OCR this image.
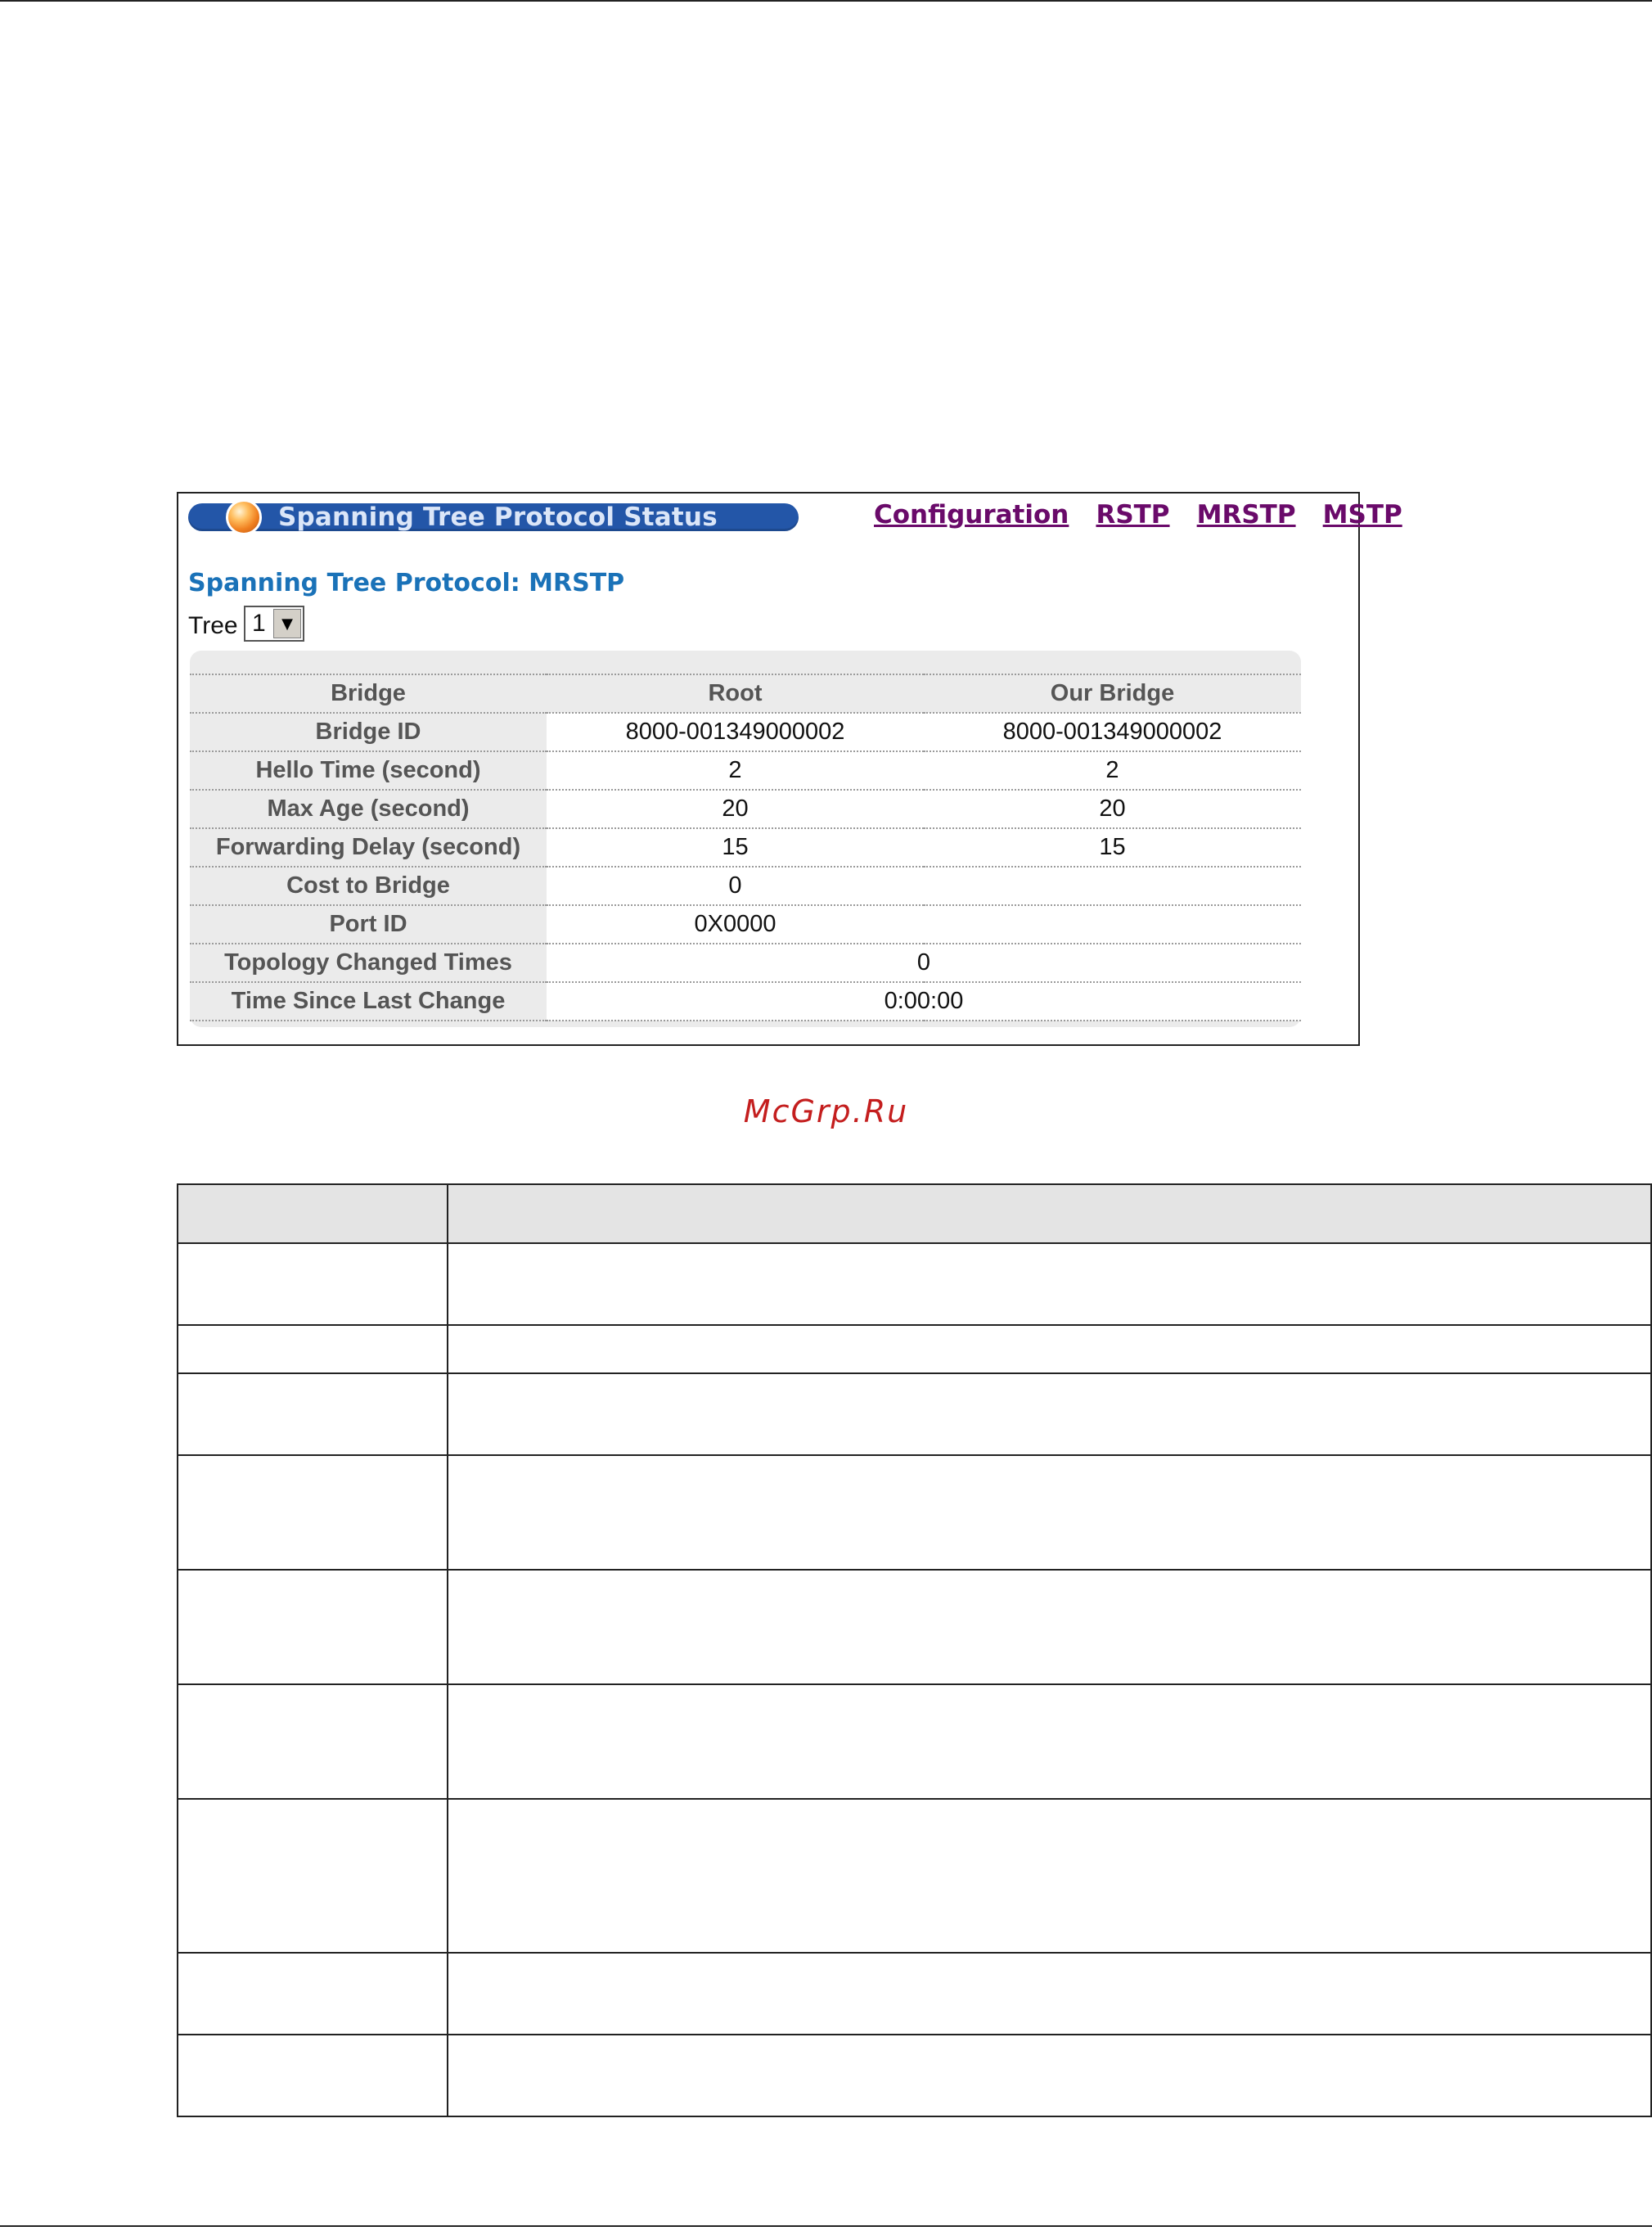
Spanning Tree Protocol Status	Configuration RSTP MRSTP MSTP
Spanning Tree Protocol: MRSTP
Tree 1	▼
Bridge	Root	Our Bridge
Bridge ID	8000-001349000002	8000-001349000002
Hello Time (second)	2	2
Max Age (second)	20	20
Forwarding Delay (second)	15	15
Cost to Bridge	0	
Port ID	0X0000	
Topology Changed Times	0	
Time Since Last Change	0:00:00	
McGrp.Ru
